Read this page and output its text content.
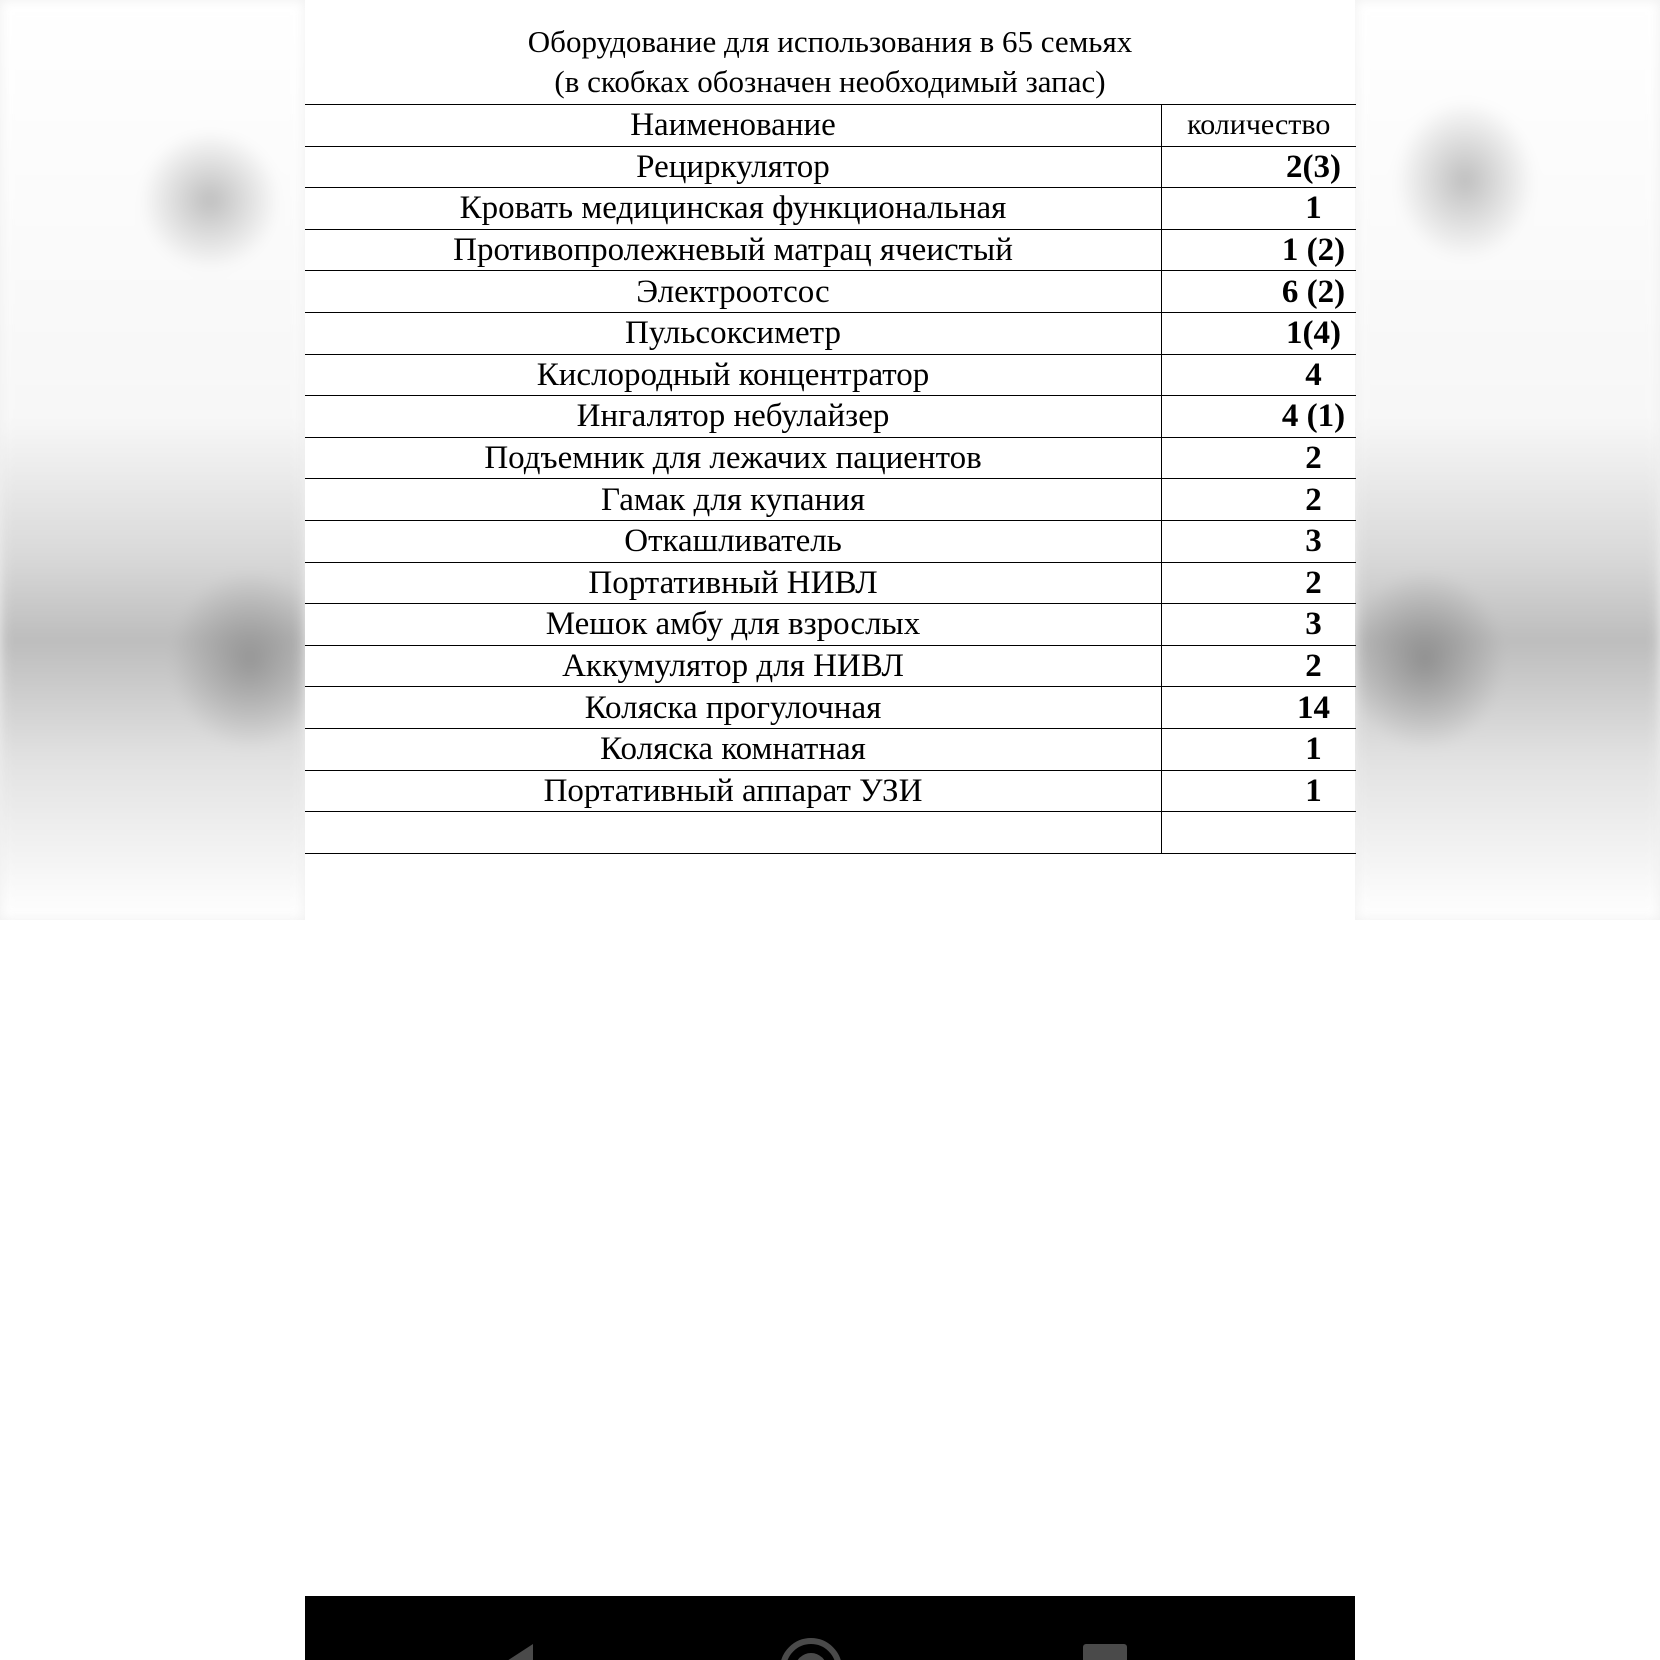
Оборудование для использования в 65 семьях
(в скобках обозначен необходимый запас)
Наименование	количество
Рециркулятор	2(3)
Кровать медицинская функциональная	1
Противопролежневый матрац ячеистый	1 (2)
Электроотсос	6 (2)
Пульсоксиметр	1(4)
Кислородный концентратор	4
Ингалятор небулайзер	4 (1)
Подъемник для лежачих пациентов	2
Гамак для купания	2
Откашливатель	3
Портативный НИВЛ	2
Мешок амбу для взрослых	3
Аккумулятор для НИВЛ	2
Коляска прогулочная	14
Коляска комнатная	1
Портативный аппарат УЗИ	1
